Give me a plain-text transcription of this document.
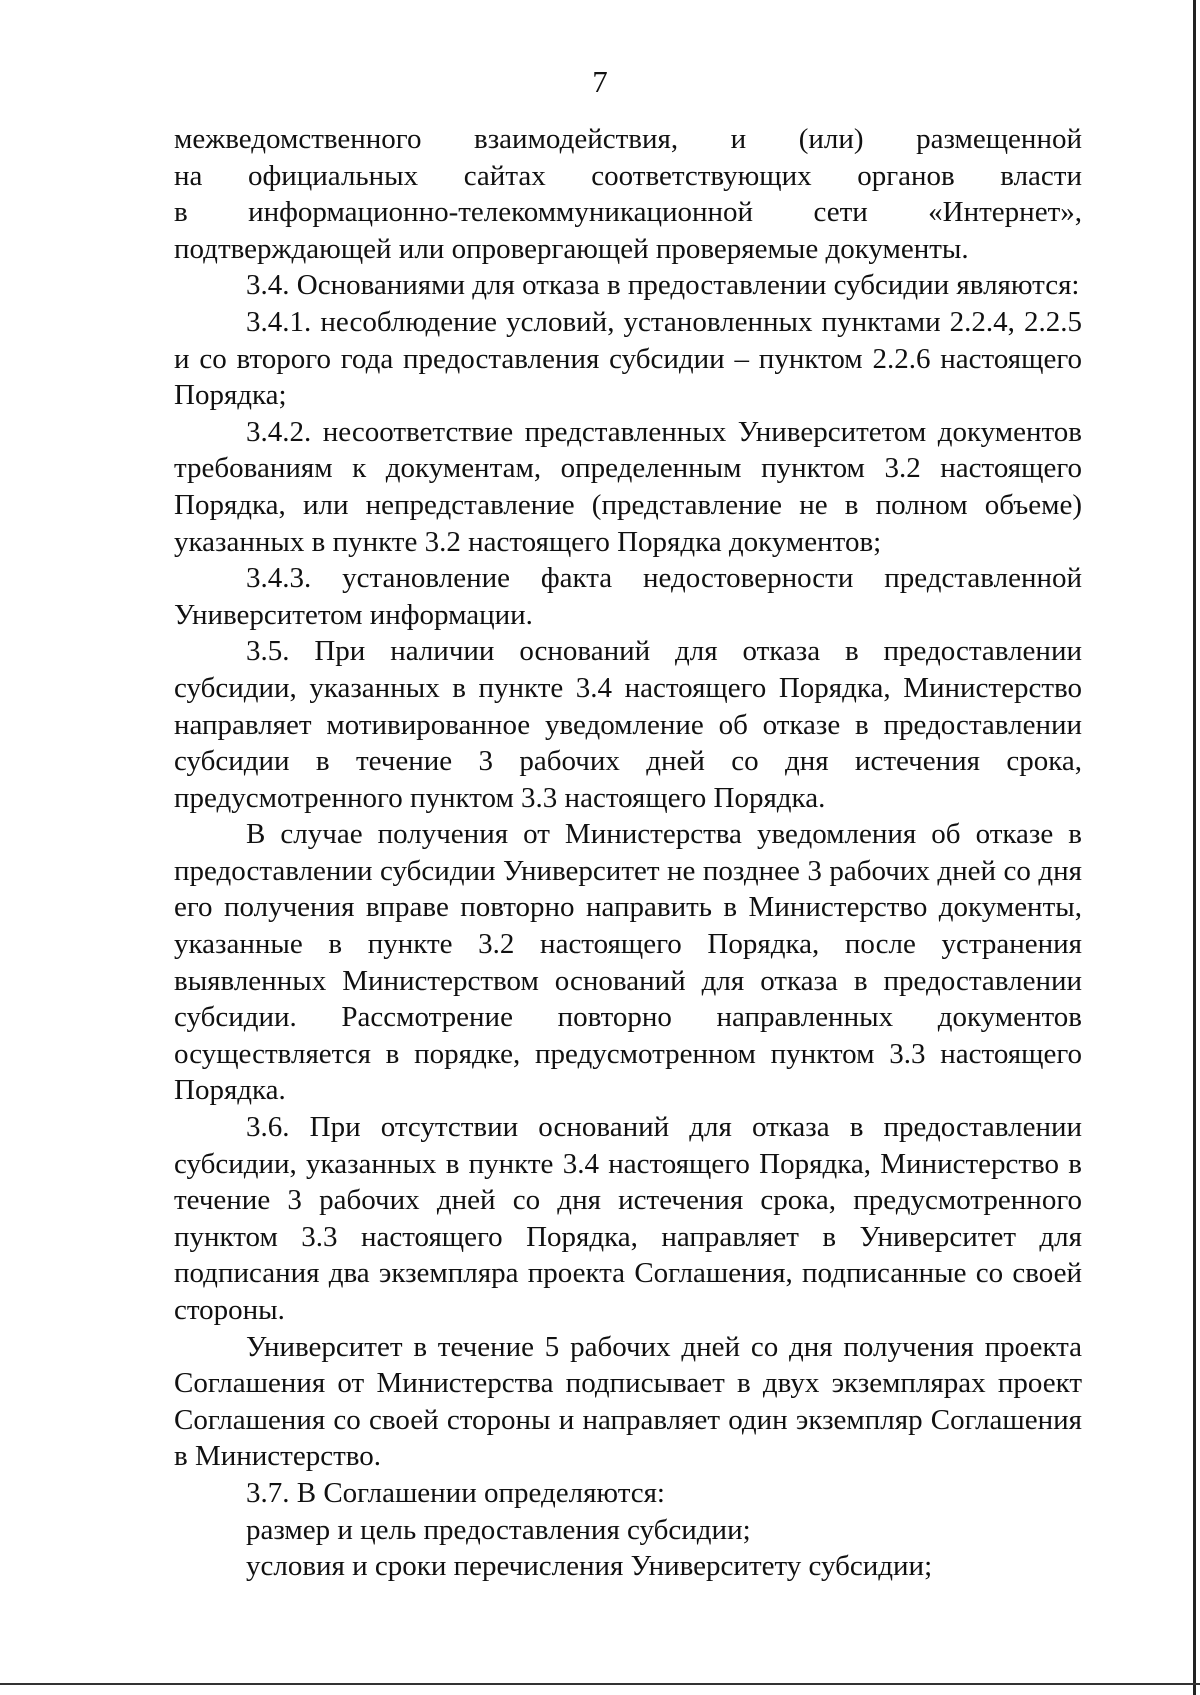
7

межведомственного взаимодействия, и (или) размещенной
на официальных сайтах соответствующих органов власти
в информационно-телекоммуникационной сети «Интернет»,
подтверждающей или опровергающей проверяемые документы.

3.4. Основаниями для отказа в предоставлении субсидии являются:

3.4.1. несоблюдение условий, установленных пунктами 2.2.4, 2.2.5 и со второго года предоставления субсидии – пунктом 2.2.6 настоящего Порядка;

3.4.2. несоответствие представленных Университетом документов требованиям к документам, определенным пунктом 3.2 настоящего Порядка, или непредставление (представление не в полном объеме) указанных в пункте 3.2 настоящего Порядка документов;

3.4.3. установление факта недостоверности представленной

Университетом информации.

3.5. При наличии оснований для отказа в предоставлении субсидии, указанных в пункте 3.4 настоящего Порядка, Министерство направляет мотивированное уведомление об отказе в предоставлении субсидии в течение 3 рабочих дней со дня истечения срока, предусмотренного пунктом 3.3 настоящего Порядка.

В случае получения от Министерства уведомления об отказе в предоставлении субсидии Университет не позднее 3 рабочих дней со дня его получения вправе повторно направить в Министерство документы, указанные в пункте 3.2 настоящего Порядка, после устранения выявленных Министерством оснований для отказа в предоставлении субсидии. Рассмотрение повторно направленных документов осуществляется в порядке, предусмотренном пунктом 3.3 настоящего Порядка.

3.6. При отсутствии оснований для отказа в предоставлении субсидии, указанных в пункте 3.4 настоящего Порядка, Министерство в течение 3 рабочих дней со дня истечения срока, предусмотренного пунктом 3.3 настоящего Порядка, направляет в Университет для подписания два экземпляра проекта Соглашения, подписанные со своей стороны.

Университет в течение 5 рабочих дней со дня получения проекта Соглашения от Министерства подписывает в двух экземплярах проект Соглашения со своей стороны и направляет один экземпляр Соглашения в Министерство.

3.7. В Соглашении определяются:

размер и цель предоставления субсидии;

условия и сроки перечисления Университету субсидии;
